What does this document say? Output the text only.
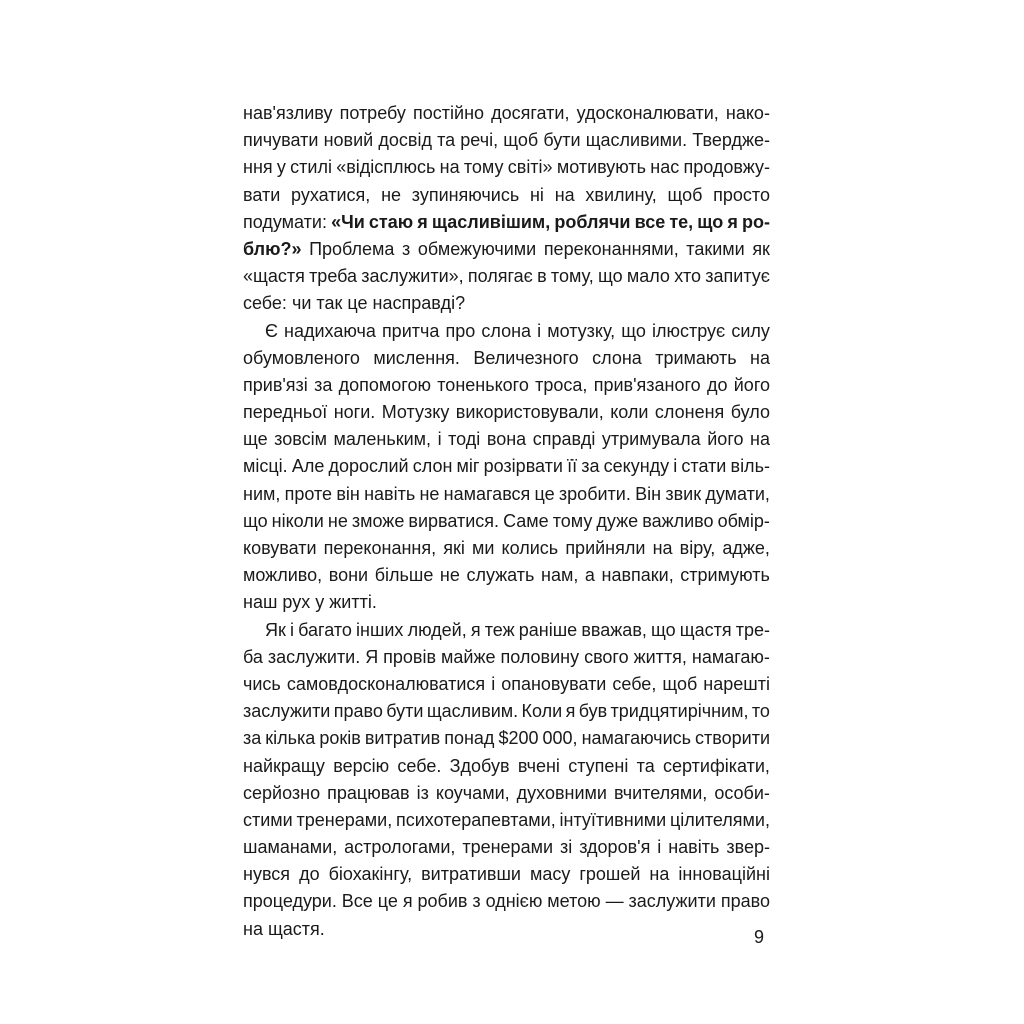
нав'язливу потребу постійно досягати, удосконалювати, нако-
пичувати новий досвід та речі, щоб бути щасливими. Твердже-
ння у стилі «відісплюсь на тому світі» мотивують нас продовжу-
вати рухатися, не зупиняючись ні на хвилину, щоб просто
подумати: «Чи стаю я щасливішим, роблячи все те, що я ро-
блю?» Проблема з обмежуючими переконаннями, такими як
«щастя треба заслужити», полягає в тому, що мало хто запитує
себе:
чи
так
це
насправді?
Є надихаюча притча про слона і мотузку, що ілюструє силу
обумовленого мислення. Величезного слона тримають на
прив'язі за допомогою тоненького троса, прив'язаного до його
передньої ноги. Мотузку використовували, коли слоненя було
ще зовсім маленьким, і тоді вона справді утримувала його на
місці. Але дорослий слон міг розірвати її за секунду і стати віль-
ним, проте він навіть не намагався це зробити. Він звик думати,
що ніколи не зможе вирватися. Саме тому дуже важливо обмір-
ковувати переконання, які ми колись прийняли на віру, адже,
можливо, вони більше не служать нам, а навпаки, стримують
наш
рух
у
житті.
Як і багато інших людей, я теж раніше вважав, що щастя тре-
ба заслужити. Я провів майже половину свого життя, намагаю-
чись самовдосконалюватися і опановувати себе, щоб нарешті
заслужити право бути щасливим. Коли я був тридцятирічним, то
за кілька років витратив понад $200 000, намагаючись створити
найкращу версію себе. Здобув вчені ступені та сертифікати,
серйозно працював із коучами, духовними вчителями, особи-
стими тренерами, психотерапевтами, інтуїтивними цілителями,
шаманами, астрологами, тренерами зі здоров'я і навіть звер-
нувся до біохакінгу, витративши масу грошей на інноваційні
процедури. Все це я робив з однією метою — заслужити право
на
щастя.	9
